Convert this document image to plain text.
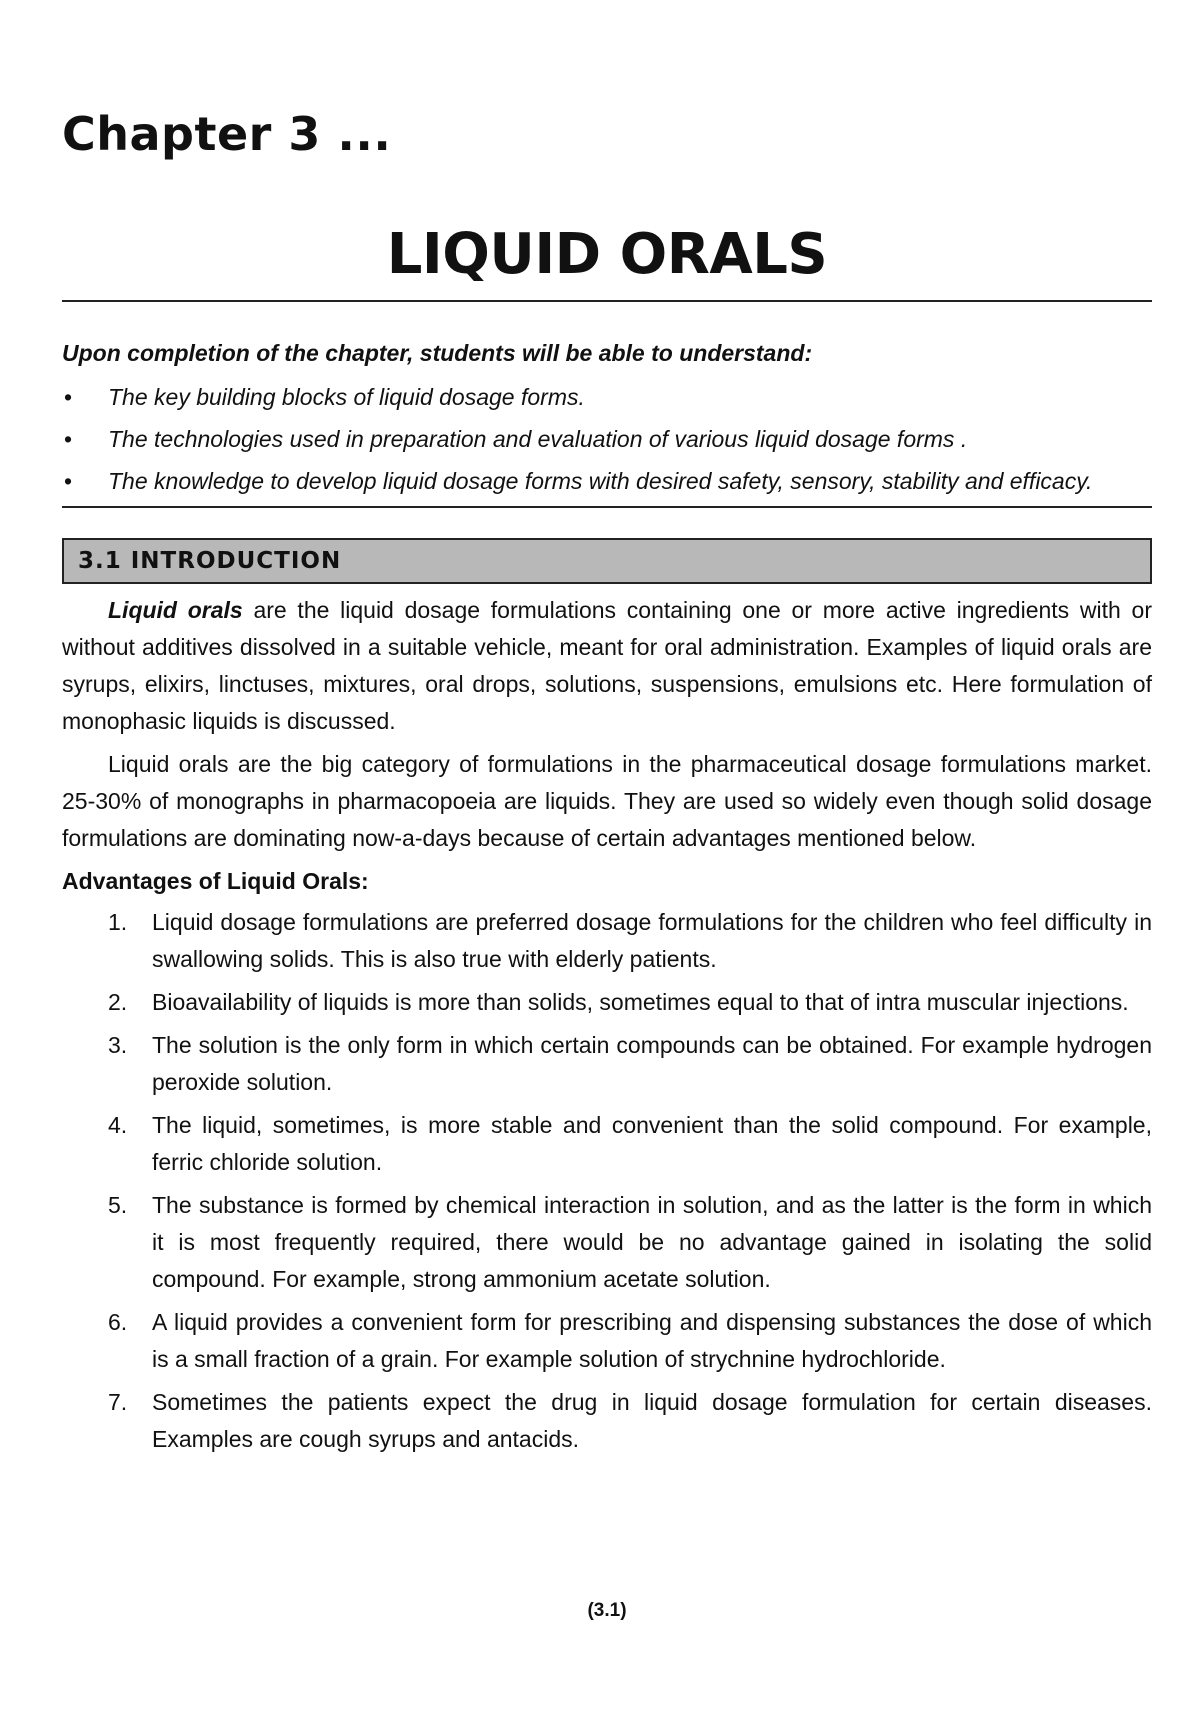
Chapter 3 ...
LIQUID ORALS
Upon completion of the chapter, students will be able to understand:
• The key building blocks of liquid dosage forms.
• The technologies used in preparation and evaluation of various liquid dosage forms .
• The knowledge to develop liquid dosage forms with desired safety, sensory, stability and efficacy.
3.1 INTRODUCTION

Liquid orals are the liquid dosage formulations containing one or more active ingredients with or without additives dissolved in a suitable vehicle, meant for oral administration. Examples of liquid orals are syrups, elixirs, linctuses, mixtures, oral drops, solutions, suspensions, emulsions etc. Here formulation of monophasic liquids is discussed.

Liquid orals are the big category of formulations in the pharmaceutical dosage formulations market. 25-30% of monographs in pharmacopoeia are liquids. They are used so widely even though solid dosage formulations are dominating now-a-days because of certain advantages mentioned below.

Advantages of Liquid Orals:
1. Liquid dosage formulations are preferred dosage formulations for the children who feel difficulty in swallowing solids. This is also true with elderly patients.
2. Bioavailability of liquids is more than solids, sometimes equal to that of intra muscular injections.
3. The solution is the only form in which certain compounds can be obtained. For example hydrogen peroxide solution.
4. The liquid, sometimes, is more stable and convenient than the solid compound. For example, ferric chloride solution.
5. The substance is formed by chemical interaction in solution, and as the latter is the form in which it is most frequently required, there would be no advantage gained in isolating the solid compound. For example, strong ammonium acetate solution.
6. A liquid provides a convenient form for prescribing and dispensing substances the dose of which is a small fraction of a grain. For example solution of strychnine hydrochloride.
7. Sometimes the patients expect the drug in liquid dosage formulation for certain diseases. Examples are cough syrups and antacids.
(3.1)
